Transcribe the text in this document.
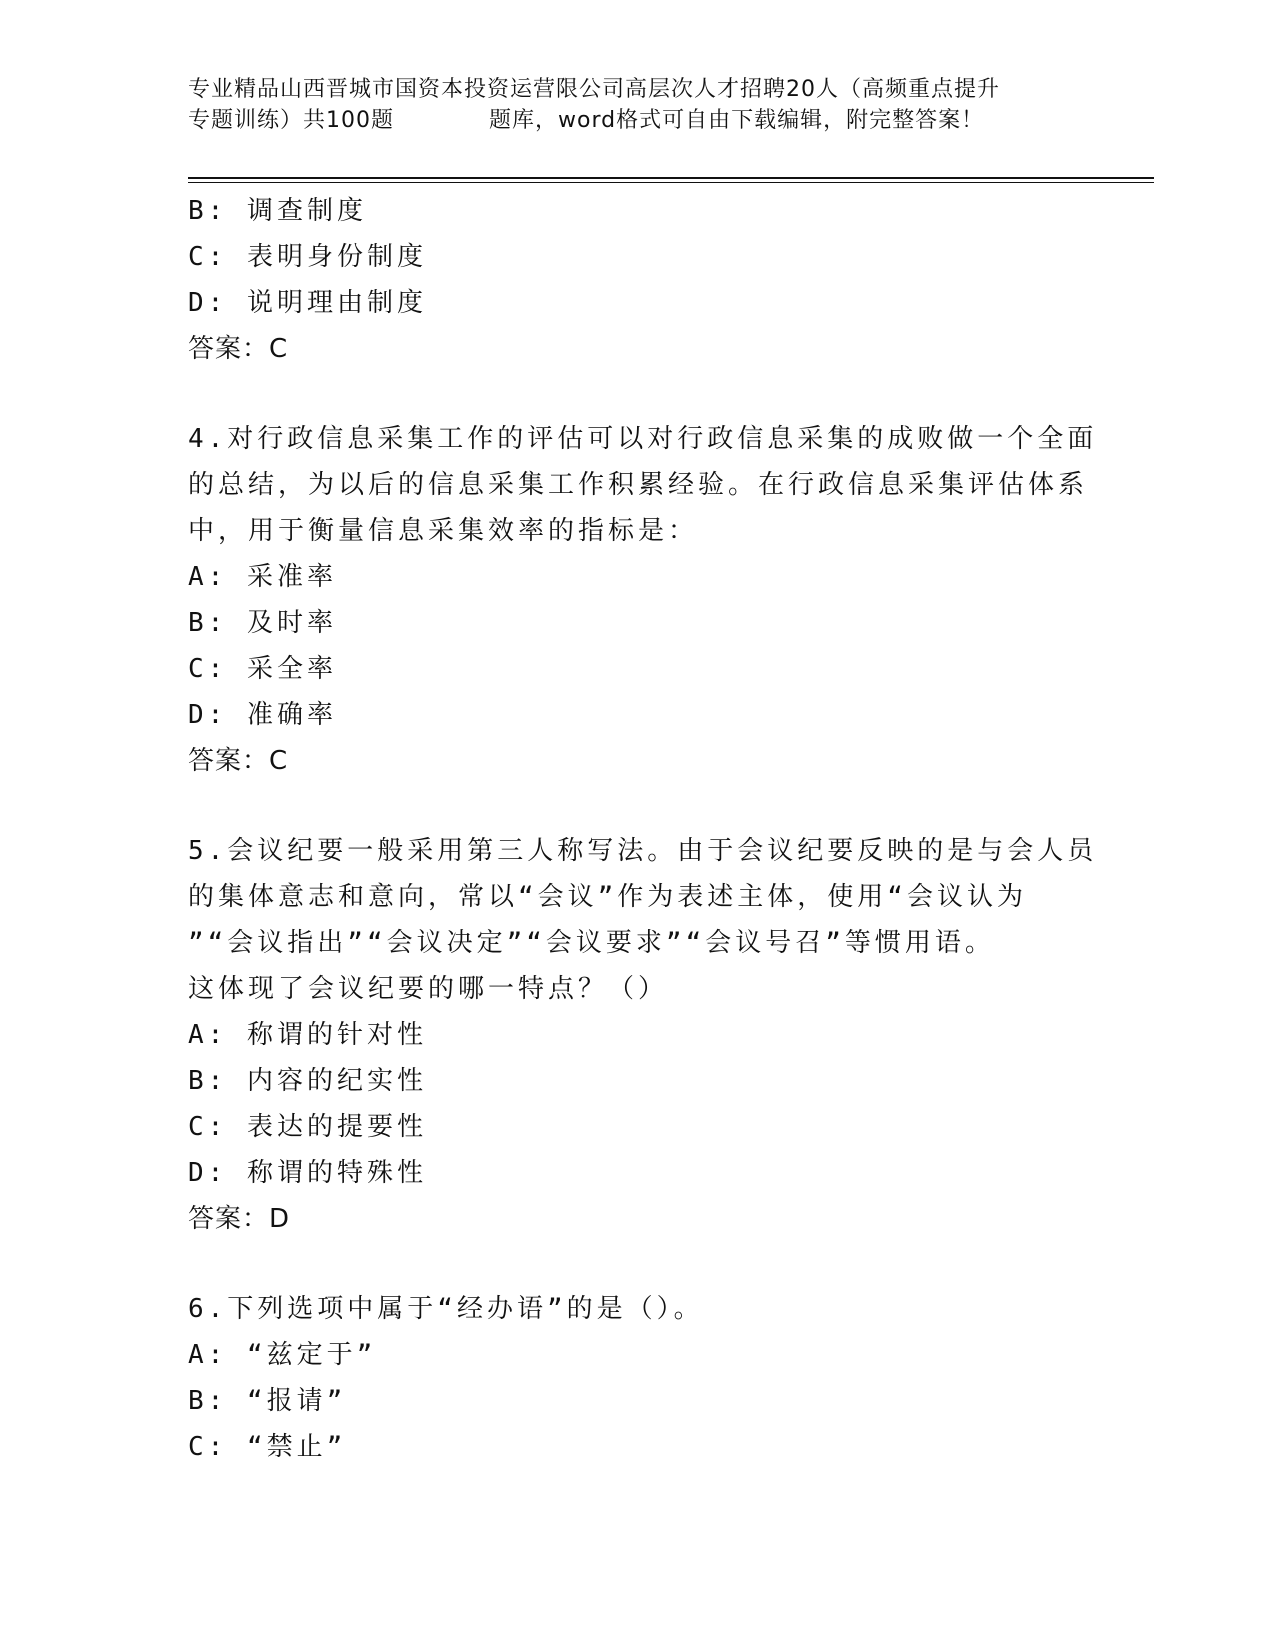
专业精品山西晋城市国资本投资运营限公司高层次人才招聘20人（高频重点提升
专题训练）共100题	题库，word格式可自由下载编辑，附完整答案！
B: 调查制度
C: 表明身份制度
D: 说明理由制度
答案：C
4.对行政信息采集工作的评估可以对行政信息采集的成败做一个全面
的总结，为以后的信息采集工作积累经验。在行政信息采集评估体系
中，用于衡量信息采集效率的指标是：
A: 采准率
B: 及时率
C: 采全率
D: 准确率
答案：C
5.会议纪要一般采用第三人称写法。由于会议纪要反映的是与会人员
的集体意志和意向，常以“会议”作为表述主体，使用“会议认为
”“会议指出”“会议决定”“会议要求”“会议号召”等惯用语。
这体现了会议纪要的哪一特点？（）
A: 称谓的针对性
B: 内容的纪实性
C: 表达的提要性
D: 称谓的特殊性
答案：D
6.下列选项中属于“经办语”的是（）。
A: “兹定于”
B: “报请”
C: “禁止”
